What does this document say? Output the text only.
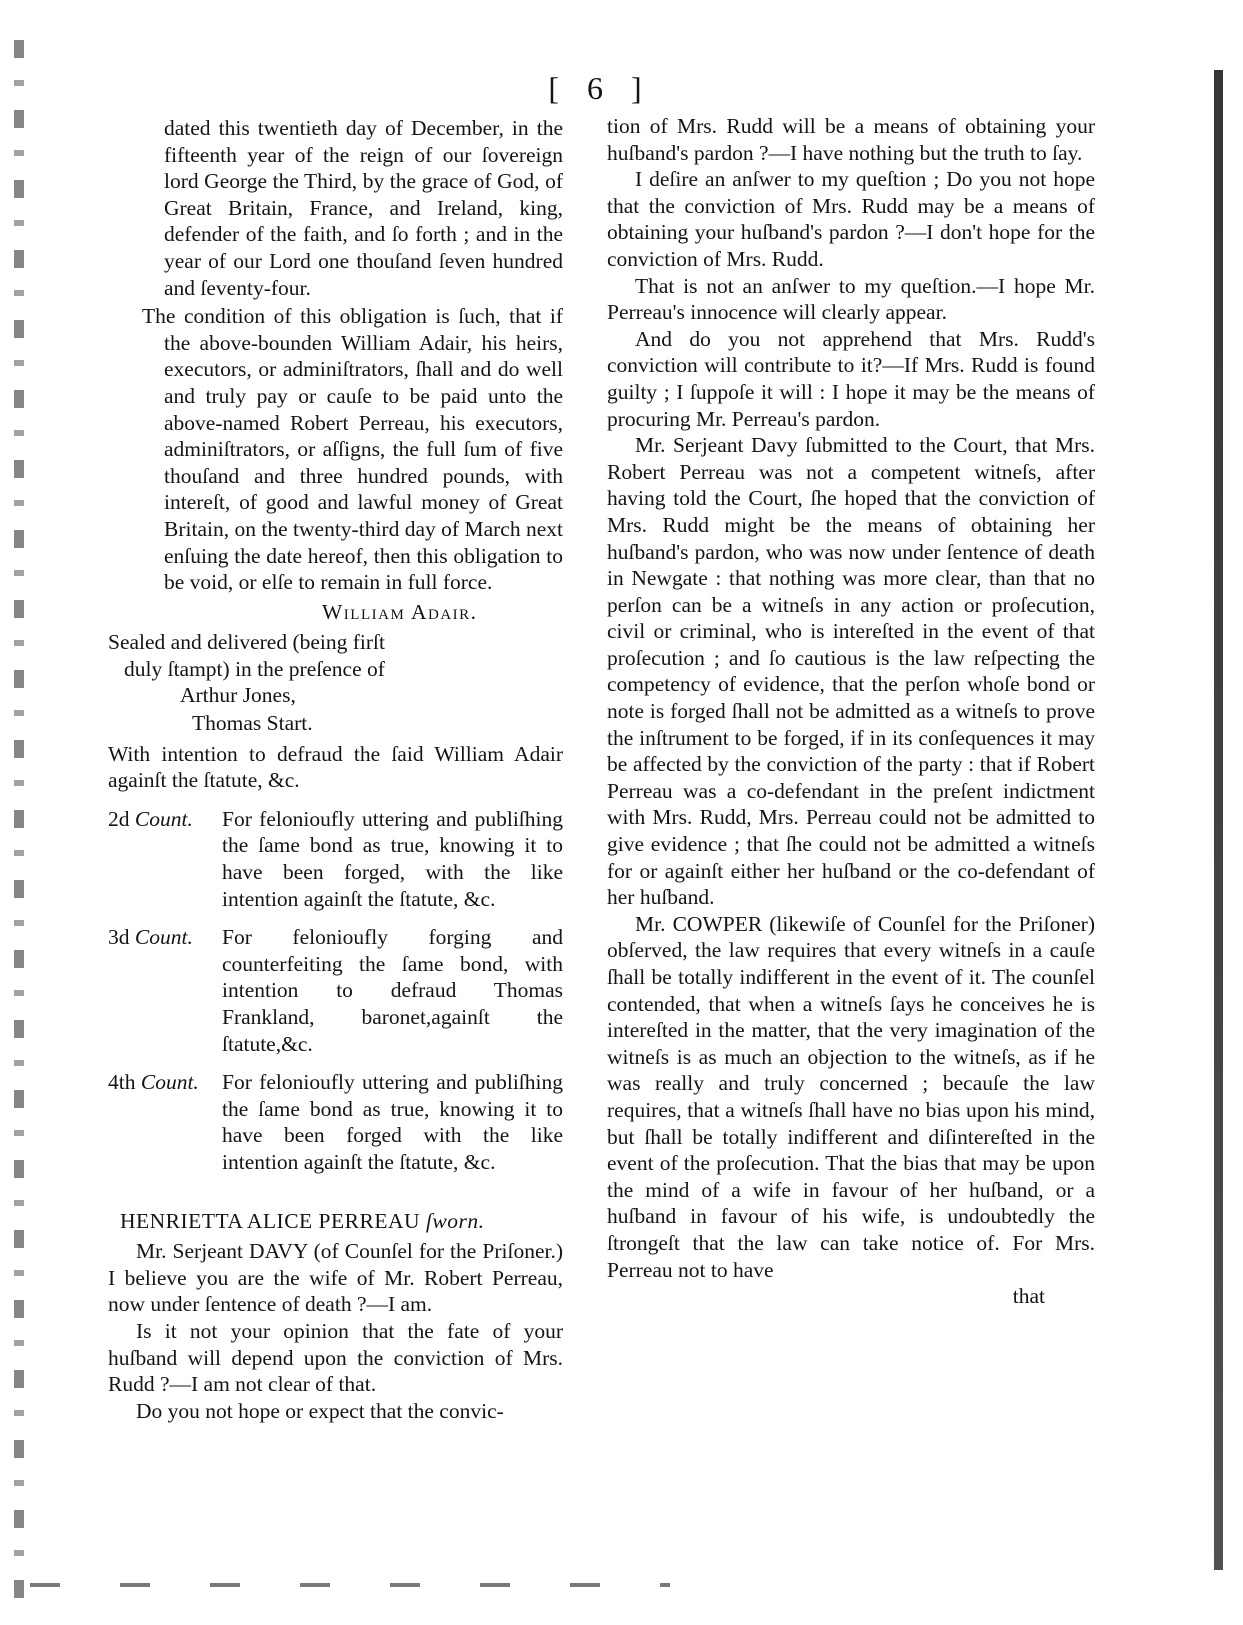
[ 6 ]

dated this twentieth day of December, in the fifteenth year of the reign of our ſovereign lord George the Third, by the grace of God, of Great Britain, France, and Ireland, king, defender of the faith, and ſo forth ; and in the year of our Lord one thouſand ſeven hundred and ſeventy-four.

The condition of this obligation is ſuch, that if the above-bounden William Adair, his heirs, executors, or adminiſtrators, ſhall and do well and truly pay or cauſe to be paid unto the above-named Robert Perreau, his executors, adminiſtrators, or aſſigns, the full ſum of five thouſand and three hundred pounds, with intereſt, of good and lawful money of Great Britain, on the twenty-third day of March next enſuing the date hereof, then this obligation to be void, or elſe to remain in full force.

William Adair.

Sealed and delivered (being firſt

duly ſtampt) in the preſence of

Arthur Jones,

Thomas Start.

With intention to defraud the ſaid William Adair againſt the ſtatute, &c.

2d Count.	For felonioufly uttering and publiſhing the ſame bond as true, knowing it to have been forged, with the like intention againſt the ſtatute, &c.
3d Count.	For felonioufly forging and counterfeiting the ſame bond, with intention to defraud Thomas Frankland, baronet,againſt the ſtatute,&c.
4th Count.	For felonioufly uttering and publiſhing the ſame bond as true, knowing it to have been forged with the like intention againſt the ſtatute, &c.

HENRIETTA ALICE PERREAU ſworn.

Mr. Serjeant DAVY (of Counſel for the Priſoner.) I believe you are the wife of Mr. Robert Perreau, now under ſentence of death ?—I am.

Is it not your opinion that the fate of your huſband will depend upon the conviction of Mrs. Rudd ?—I am not clear of that.

Do you not hope or expect that the convic-

tion of Mrs. Rudd will be a means of obtaining your huſband's pardon ?—I have nothing but the truth to ſay.

I deſire an anſwer to my queſtion ; Do you not hope that the conviction of Mrs. Rudd may be a means of obtaining your huſband's pardon ?—I don't hope for the conviction of Mrs. Rudd.

That is not an anſwer to my queſtion.—I hope Mr. Perreau's innocence will clearly appear.

And do you not apprehend that Mrs. Rudd's conviction will contribute to it?—If Mrs. Rudd is found guilty ; I ſuppoſe it will : I hope it may be the means of procuring Mr. Perreau's pardon.

Mr. Serjeant Davy ſubmitted to the Court, that Mrs. Robert Perreau was not a competent witneſs, after having told the Court, ſhe hoped that the conviction of Mrs. Rudd might be the means of obtaining her huſband's pardon, who was now under ſentence of death in Newgate : that nothing was more clear, than that no perſon can be a witneſs in any action or proſecution, civil or criminal, who is intereſted in the event of that proſecution ; and ſo cautious is the law reſpecting the competency of evidence, that the perſon whoſe bond or note is forged ſhall not be admitted as a witneſs to prove the inſtrument to be forged, if in its conſequences it may be affected by the conviction of the party : that if Robert Perreau was a co-defendant in the preſent indictment with Mrs. Rudd, Mrs. Perreau could not be admitted to give evidence ; that ſhe could not be admitted a witneſs for or againſt either her huſband or the co-defendant of her huſband.

Mr. COWPER (likewiſe of Counſel for the Priſoner) obſerved, the law requires that every witneſs in a cauſe ſhall be totally indifferent in the event of it. The counſel contended, that when a witneſs ſays he conceives he is intereſted in the matter, that the very imagination of the witneſs is as much an objection to the witneſs, as if he was really and truly concerned ; becauſe the law requires, that a witneſs ſhall have no bias upon his mind, but ſhall be totally indifferent and diſintereſted in the event of the proſecution. That the bias that may be upon the mind of a wife in favour of her huſband, or a huſband in favour of his wife, is undoubtedly the ſtrongeſt that the law can take notice of. For Mrs. Perreau not to have

that
